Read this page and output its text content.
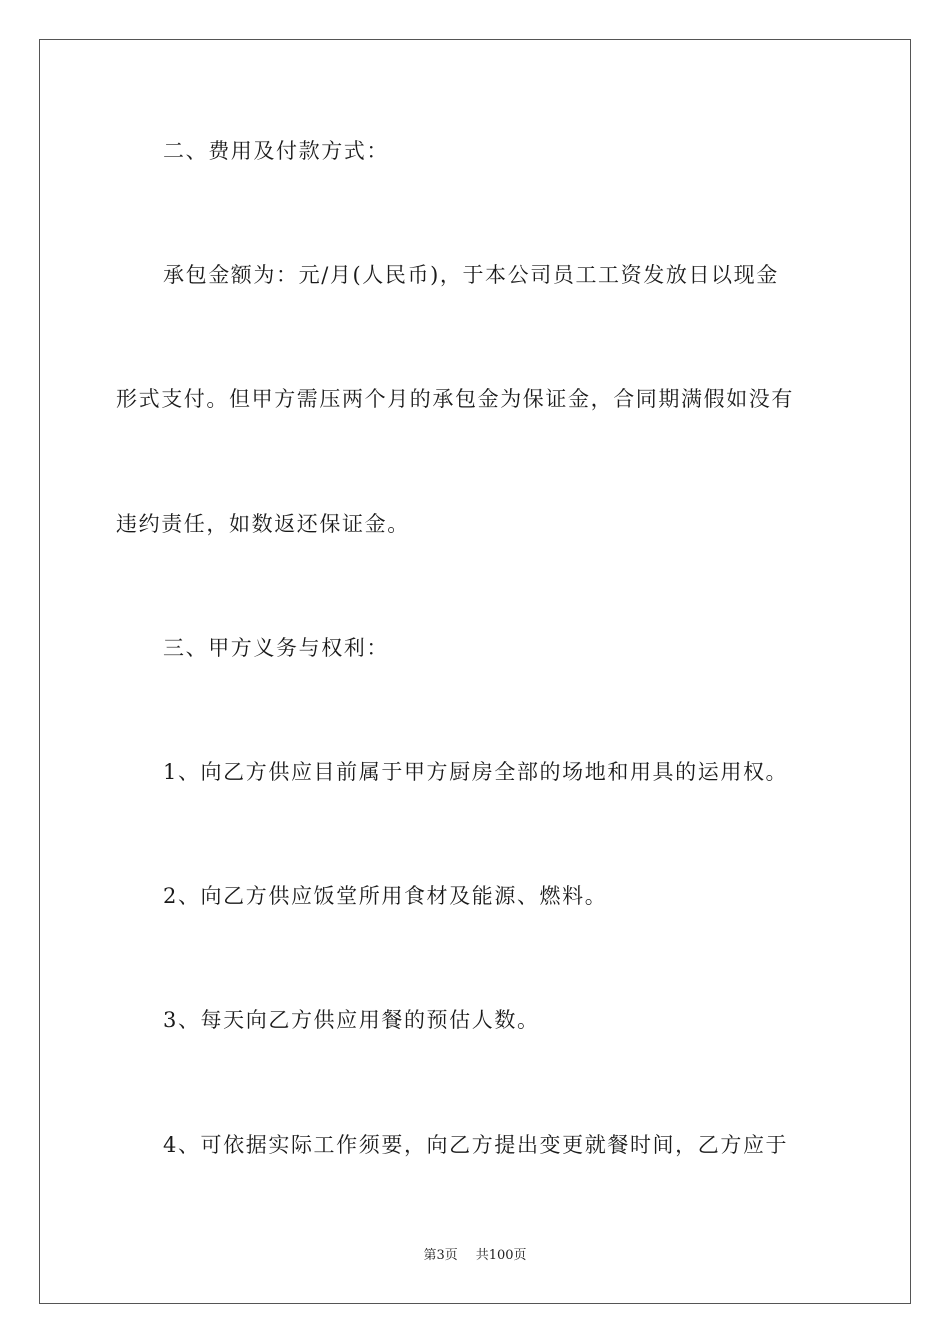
二、费用及付款方式：
承包金额为：元/月(人民币)，于本公司员工工资发放日以现金
形式支付。但甲方需压两个月的承包金为保证金，合同期满假如没有
违约责任，如数返还保证金。
三、甲方义务与权利：
1、向乙方供应目前属于甲方厨房全部的场地和用具的运用权。
2、向乙方供应饭堂所用食材及能源、燃料。
3、每天向乙方供应用餐的预估人数。
4、可依据实际工作须要，向乙方提出变更就餐时间，乙方应于
第3页 共100页
